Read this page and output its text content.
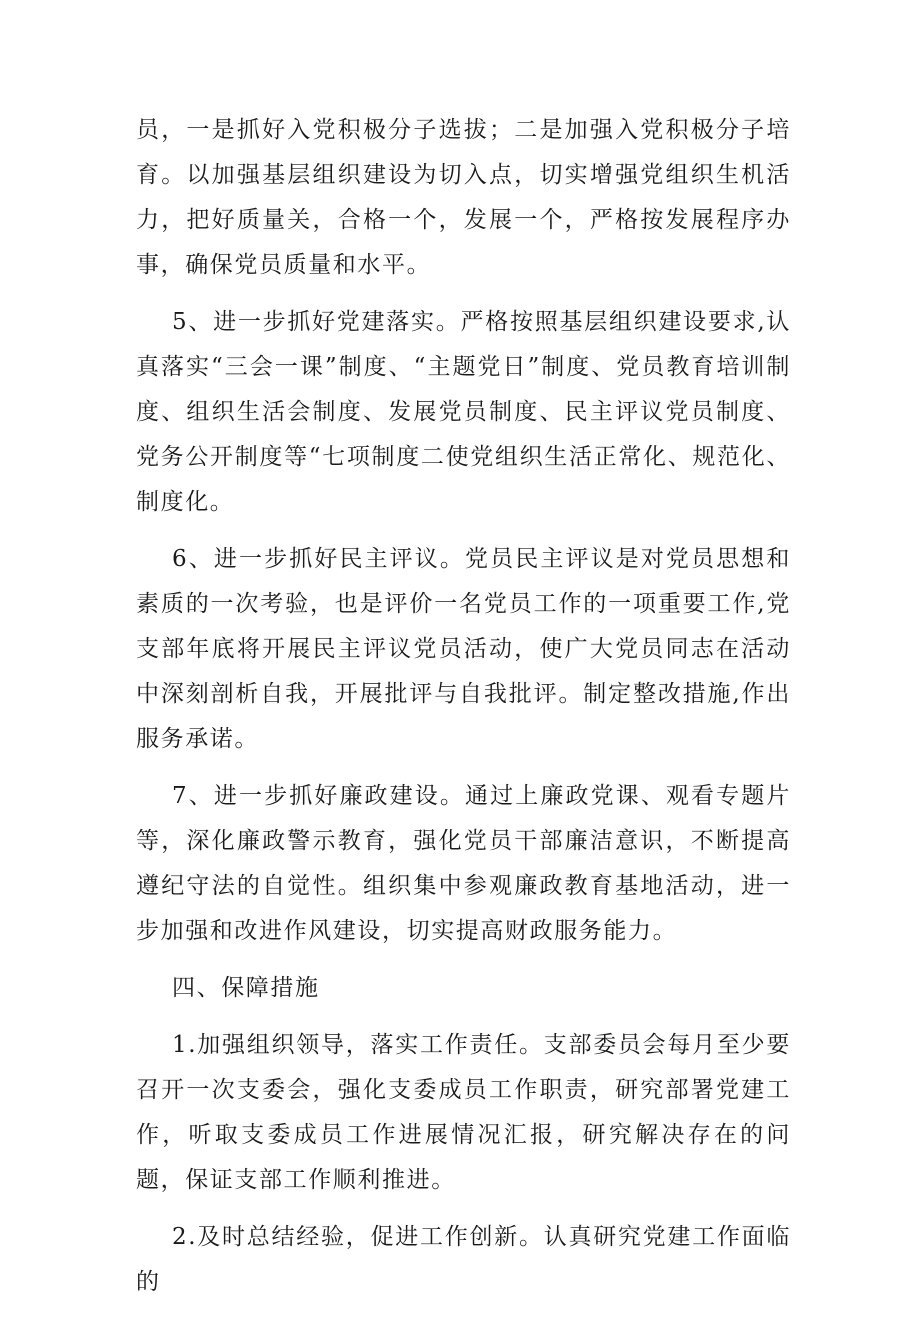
员，一是抓好入党积极分子选拔；二是加强入党积极分子培育。以加强基层组织建设为切入点，切实增强党组织生机活力，把好质量关，合格一个，发展一个，严格按发展程序办事，确保党员质量和水平。

5、进一步抓好党建落实。严格按照基层组织建设要求,认真落实“三会一课”制度、“主题党日”制度、党员教育培训制度、组织生活会制度、发展党员制度、民主评议党员制度、党务公开制度等“七项制度二使党组织生活正常化、规范化、制度化。

6、进一步抓好民主评议。党员民主评议是对党员思想和素质的一次考验，也是评价一名党员工作的一项重要工作,党支部年底将开展民主评议党员活动，使广大党员同志在活动中深刻剖析自我，开展批评与自我批评。制定整改措施,作出服务承诺。

7、进一步抓好廉政建设。通过上廉政党课、观看专题片等，深化廉政警示教育，强化党员干部廉洁意识，不断提高遵纪守法的自觉性。组织集中参观廉政教育基地活动，进一步加强和改进作风建设，切实提高财政服务能力。

四、保障措施

1.加强组织领导，落实工作责任。支部委员会每月至少要召开一次支委会，强化支委成员工作职责，研究部署党建工作，听取支委成员工作进展情况汇报，研究解决存在的问题，保证支部工作顺利推进。

2.及时总结经验，促进工作创新。认真研究党建工作面临的
